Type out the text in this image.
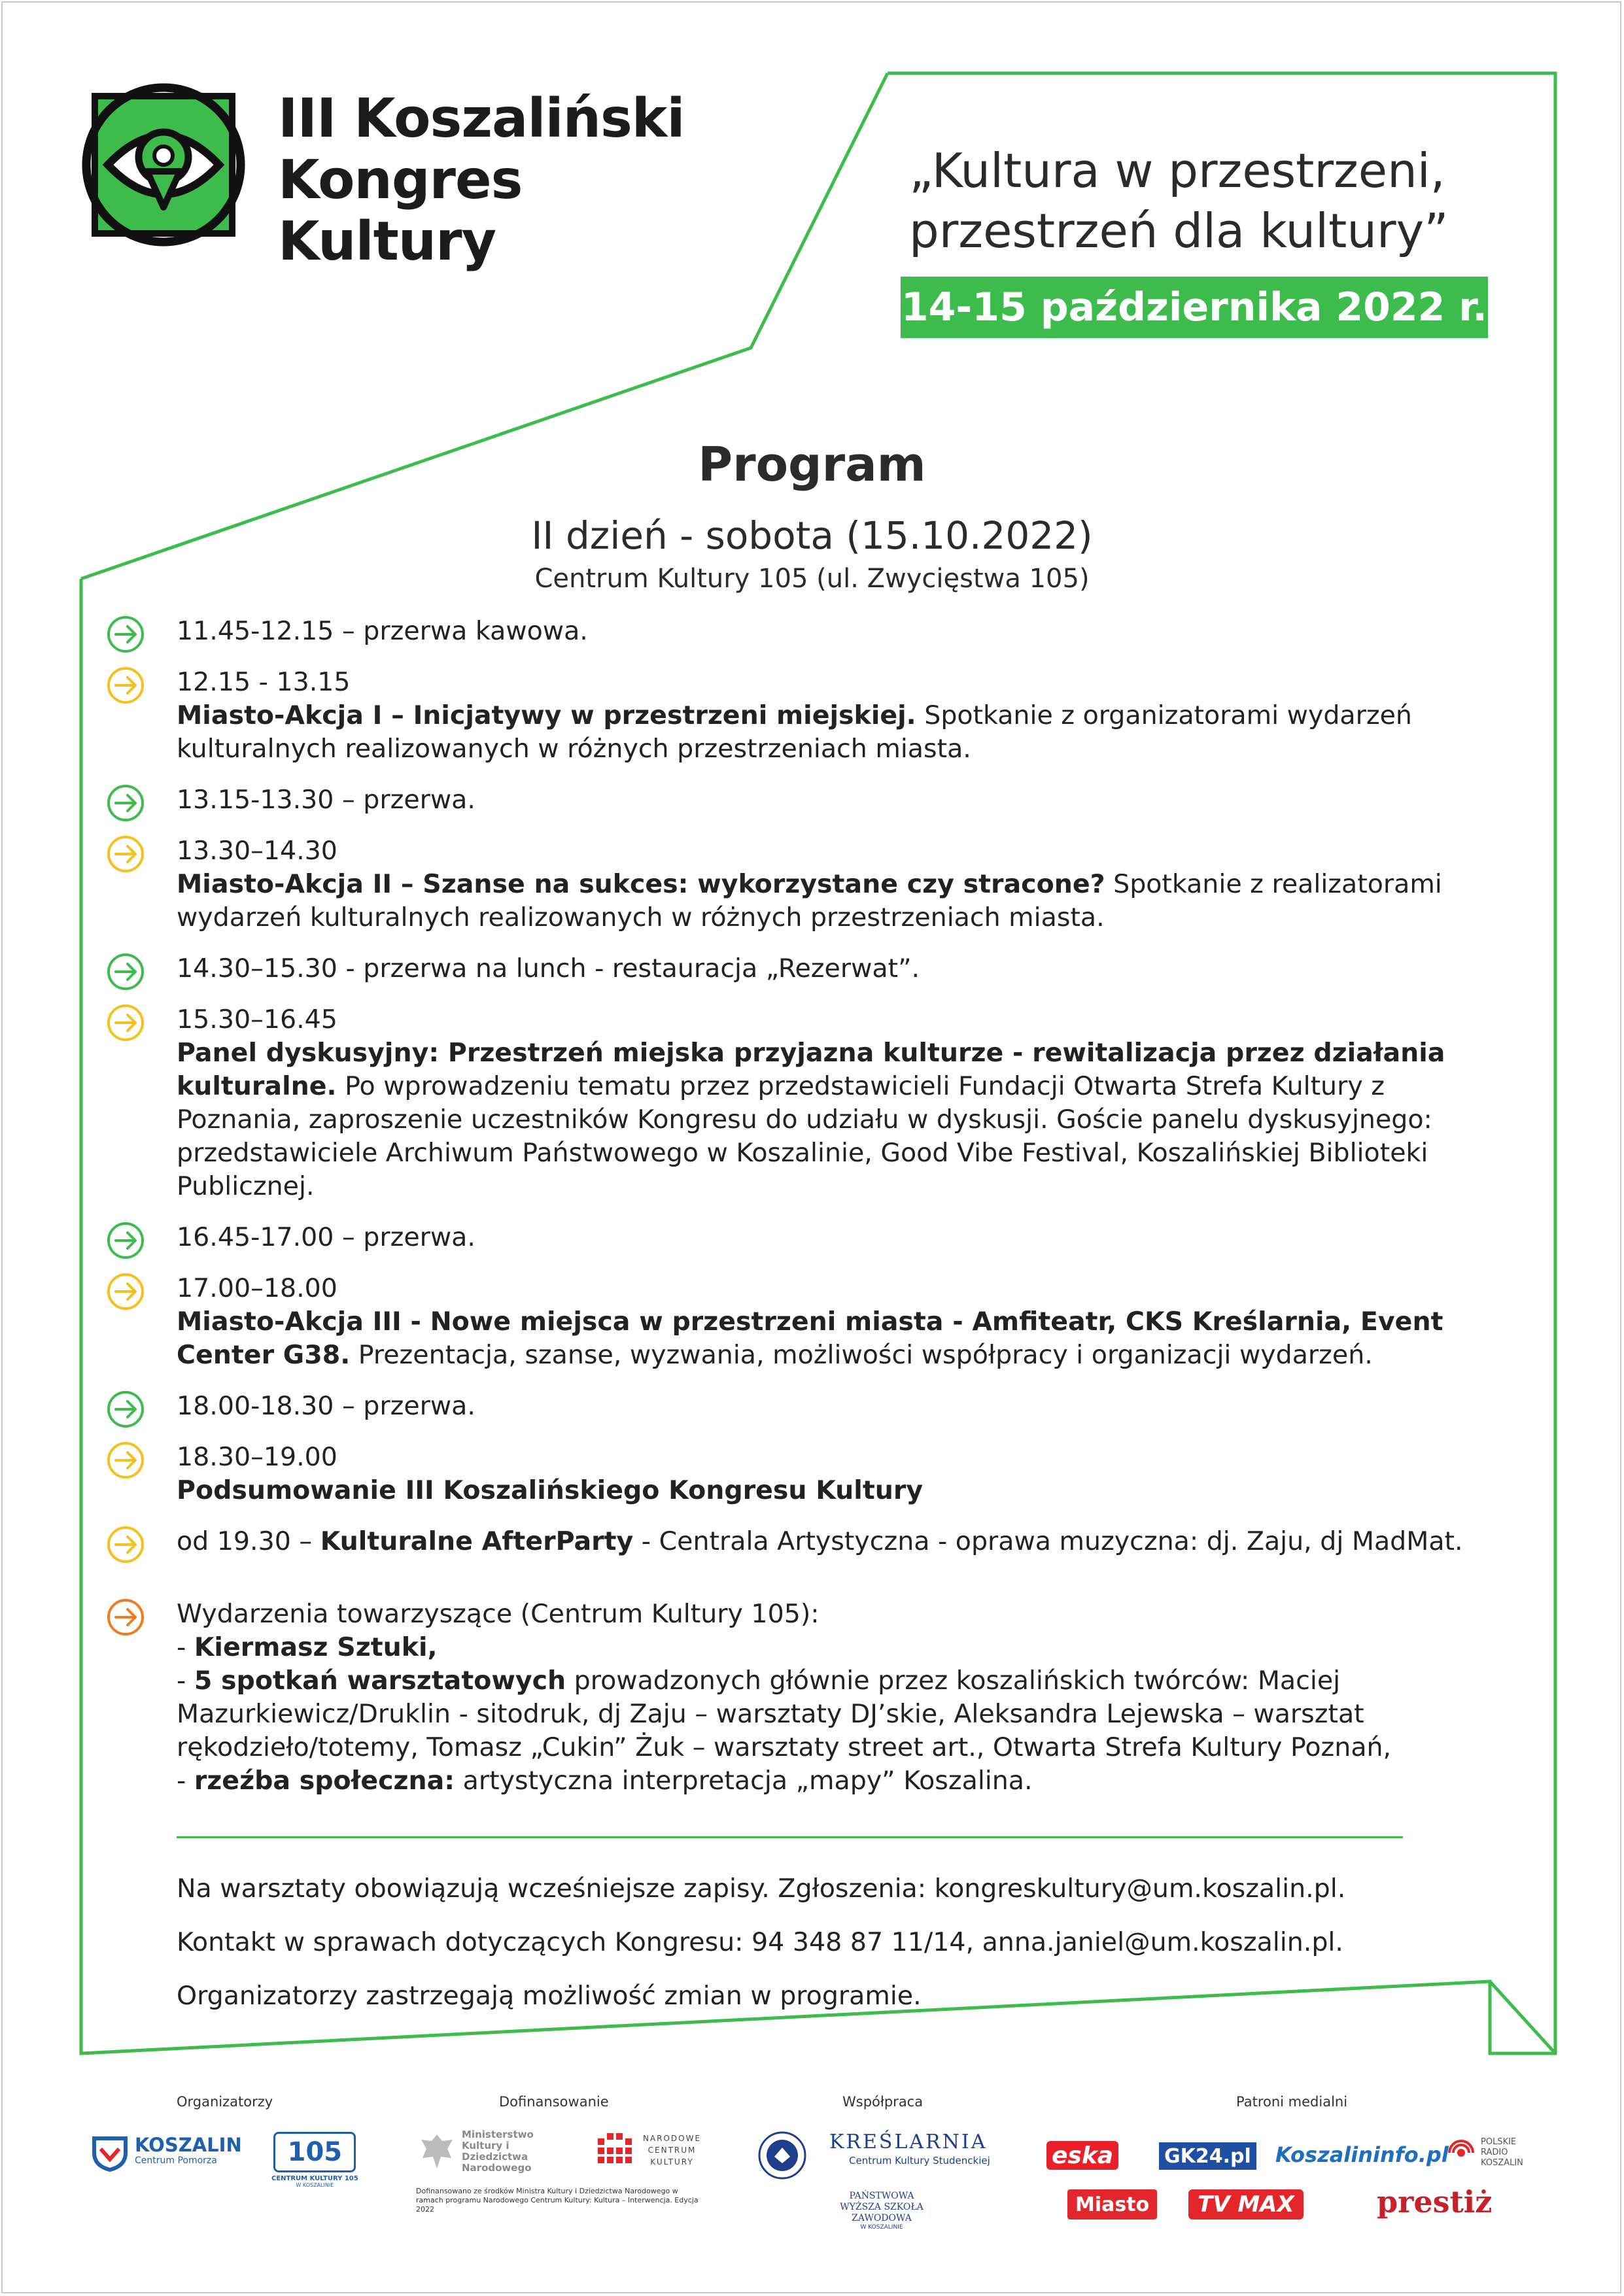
III Koszaliński
Kongres
Kultury
„Kultura w przestrzeni,
przestrzeń dla kultury”
14-15 października 2022 r.
Program
II dzień - sobota (15.10.2022)
Centrum Kultury 105 (ul. Zwycięstwa 105)
11.45-12.15 – przerwa kawowa.
12.15 - 13.15
Miasto-Akcja I – Inicjatywy w przestrzeni miejskiej. Spotkanie z organizatorami wydarzeń kulturalnych realizowanych w różnych przestrzeniach miasta.
13.15-13.30 – przerwa.
13.30–14.30
Miasto-Akcja II – Szanse na sukces: wykorzystane czy stracone? Spotkanie z realizatorami wydarzeń kulturalnych realizowanych w różnych przestrzeniach miasta.
14.30–15.30 - przerwa na lunch - restauracja „Rezerwat”.
15.30–16.45
Panel dyskusyjny: Przestrzeń miejska przyjazna kulturze - rewitalizacja przez działania kulturalne. Po wprowadzeniu tematu przez przedstawicieli Fundacji Otwarta Strefa Kultury z Poznania, zaproszenie uczestników Kongresu do udziału w dyskusji. Goście panelu dyskusyjnego: przedstawiciele Archiwum Państwowego w Koszalinie, Good Vibe Festival, Koszalińskiej Biblioteki Publicznej.
16.45-17.00 – przerwa.
17.00–18.00
Miasto-Akcja III - Nowe miejsca w przestrzeni miasta - Amfiteatr, CKS Kreślarnia, Event Center G38. Prezentacja, szanse, wyzwania, możliwości współpracy i organizacji wydarzeń.
18.00-18.30 – przerwa.
18.30–19.00
Podsumowanie III Koszalińskiego Kongresu Kultury
od 19.30 – Kulturalne AfterParty - Centrala Artystyczna - oprawa muzyczna: dj. Zaju, dj MadMat.
Wydarzenia towarzyszące (Centrum Kultury 105):
- Kiermasz Sztuki,
- 5 spotkań warsztatowych prowadzonych głównie przez koszalińskich twórców: Maciej Mazurkiewicz/Druklin - sitodruk, dj Zaju – warsztaty DJ’skie, Aleksandra Lejewska – warsztat rękodzieło/totemy, Tomasz „Cukin” Żuk – warsztaty street art., Otwarta Strefa Kultury Poznań,
- rzeźba społeczna: artystyczna interpretacja „mapy” Koszalina.
Na warsztaty obowiązują wcześniejsze zapisy. Zgłoszenia: kongreskultury@um.koszalin.pl.
Kontakt w sprawach dotyczących Kongresu: 94 348 87 11/14, anna.janiel@um.koszalin.pl.
Organizatorzy zastrzegają możliwość zmian w programie.
Organizatorzy	Dofinansowanie	Współpraca	Patroni medialni
KOSZALIN
Centrum Pomorza	105
CENTRUM KULTURY 105
W KOSZALINIE
Ministerstwo Kultury i Dziedzictwa Narodowego
NARODOWE CENTRUM KULTURY
Dofinansowano ze środków Ministra Kultury i Dziedzictwa Narodowego w ramach programu Narodowego Centrum Kultury: Kultura – Interwencja. Edycja 2022
KREŚLARNIA
Centrum Kultury Studenckiej
PAŃSTWOWA WYŻSZA SZKOŁA ZAWODOWA
W KOSZALINIE
eska	GK24.pl Koszalininfo.pl
POLSKIE RADIO KOSZALIN
Miasto	TV MAX	prestiż
